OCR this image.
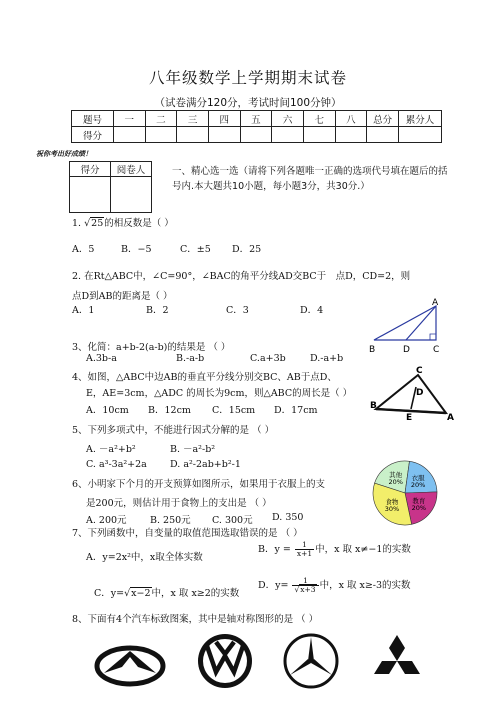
八年级数学上学期期末试卷
（试卷满分120分，考试时间100分钟）
题号	一	二	三	四	五	六	七	八	总分	累分人
得分										
祝你考出好成绩！
得分	阅卷人
		一、精心选一选（请将下列各题唯一正确的选项代号填在题后的括号内.本大题共10小题，每小题3分，共30分.）
1. √25的相反数是（ ）
A．5	B．−5	C．±5 D．25
2. 在Rt△ABC中，∠C=90°，∠BAC的角平分线AD交BC于　点D，CD=2，则
点D到AB的距离是（ ）
A．1	B．2	C．3	D．4
A
B	D	C
3、化简：a+b-2(a-b)的结果是 （ ）
A.3b-a	B.-a-b	C.a+3b	D.-a+b
4、如图，△ABC中边AB的垂直平分线分别交BC、AB于点D、
E，AE=3cm，△ADC 的周长为9cm，则△ABC的周长是（ ）
A．10cm B．12cm C．15cm D．17cm
C
D
B
E	A
5、下列多项式中，不能进行因式分解的是 （ ）
A. －a²+b²	B. －a²-b²
C. a³-3a²+2a D. a²-2ab+b²-1
6、小明家下个月的开支预算如图所示，如果用于衣服上的支
是200元，则估计用于食物上的支出是 （ ）
A. 200元 B. 250元 C. 300元 D. 350
其他
20% 衣服
20%
教育
20%
食物
30%
7、下列函数中，自变量的取值范围选取错误的是 （ ）
A．y=2x²中，x取全体实数
B．$y = \frac{1}{x+1}$ 中，x 取 x≠−1的实数
C．y=√x−2中，x 取 x≥2的实数
D．$y= \frac{1}{√x+3}$ 中，x 取 x≥-3的实数
8、下面有4个汽车标致图案，其中是轴对称图形的是 （ ）
